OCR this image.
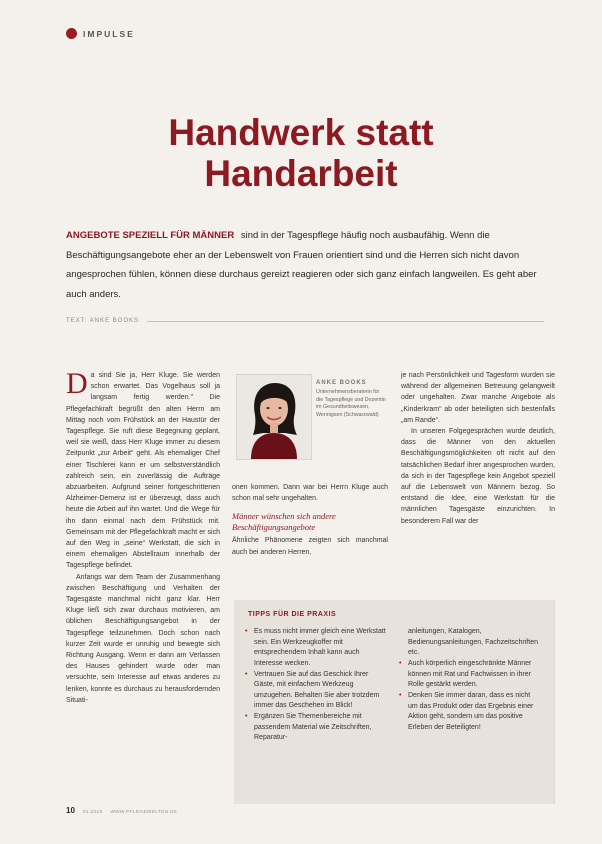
IMPULSE
Handwerk statt
Handarbeit

ANGEBOTE SPEZIELL FÜR MÄNNER sind in der Tagespflege häufig noch ausbaufähig. Wenn die Beschäftigungsangebote eher an der Lebenswelt von Frauen orientiert sind und die Herren sich nicht davon angesprochen fühlen, können diese durchaus gereizt reagieren oder sich ganz einfach langweilen. Es geht aber auch anders.

TEXT: ANKE BOOKS

Da sind Sie ja, Herr Kluge. Sie werden schon erwartet. Das Vogelhaus soll ja langsam fertig werden." Die Pflegefachkraft begrüßt den alten Herrn am Mittag noch vom Frühstück an der Haustür der Tagespflege. Sie ruft diese Begegnung geplant, weil sie weiß, dass Herr Kluge immer zu diesem Zeitpunkt „zur Arbeit“ geht. Als ehemaliger Chef einer Tischlerei kann er um selbstverständlich zahlreich sein, ein zuverlässig die Aufträge abzuarbeiten. Aufgrund seiner fortgeschrittenen Alzheimer-Demenz ist er überzeugt, dass auch heute die Arbeit auf ihn wartet. Und die Wege für ihn dann einmal nach dem Frühstück mit. Gemeinsam mit der Pflegefachkraft macht er sich auf den Weg in „seine“ Werkstatt, die sich in einem ehemaligen Abstellraum innerhalb der Tagespflege befindet.

Anfangs war dem Team der Zusammenhang zwischen Beschäftigung und Verhalten der Tagesgäste manchmal nicht ganz klar. Herr Kluge ließ sich zwar durchaus motivieren, am üblichen Beschäftigungsangebot in der Tagespflege teilzunehmen. Doch schon nach kurzer Zeit wurde er unruhig und bewegte sich Richtung Ausgang. Wenn er dann am Verlassen des Hauses gehindert wurde oder man versuchte, sein Interesse auf etwas anderes zu lenken, konnte es durchaus zu herausfordernden Situati-

ANKE BOOKS
Unternehmensberaterin für die Tagespflege und Dozentin im Gesundheitswesen, Wennigsen (Schwarzwald)

onen kommen. Dann war bei Herrn Kluge auch schon mal sehr ungehalten.

Männer wünschen sich andere Beschäftigungsangebote

Ähnliche Phänomene zeigten sich manchmal auch bei anderen Herren,

je nach Persönlichkeit und Tagesform wurden sie während der allgemeinen Betreuung gelangweilt oder ungehalten. Zwar manche Angebote als „Kinderkram“ ab oder beteiligten sich bestenfalls „am Rande“.

In unseren Folgegesprächen wurde deutlich, dass die Männer von den aktuellen Beschäftigungsmöglichkeiten oft nicht auf den tatsächlichen Bedarf ihrer angesprochen wurden, da sich in der Tagespflege kein Angebot speziell auf die Lebenswelt von Männern bezog. So entstand die Idee, eine Werkstatt für die männlichen Tagesgäste einzurichten. In besonderem Fall war der

TIPPS FÜR DIE PRAXIS
• Es muss nicht immer gleich eine Werkstatt sein. Ein Werkzeugkoffer mit entsprechendem Inhalt kann auch Interesse wecken.
• Vertrauen Sie auf das Geschick Ihrer Gäste, mit einfachem Werkzeug umzugehen. Behalten Sie aber trotzdem immer das Geschehen im Blick!
• Ergänzen Sie Themenbereiche mit passendem Material wie Zeitschriften, Reparatur-
anleitungen, Katalogen, Bedienungsanleitungen, Fachzeitschriften etc.
• Auch körperlich eingeschränkte Männer können mit Rat und Fachwissen in ihrer Rolle gestärkt werden.
• Denken Sie immer daran, dass es nicht um das Produkt oder das Ergebnis einer Aktion geht, sondern um das positive Erleben der Beteiligten!
10 01.2019 WWW.PFLEGEWELTEN.DE
